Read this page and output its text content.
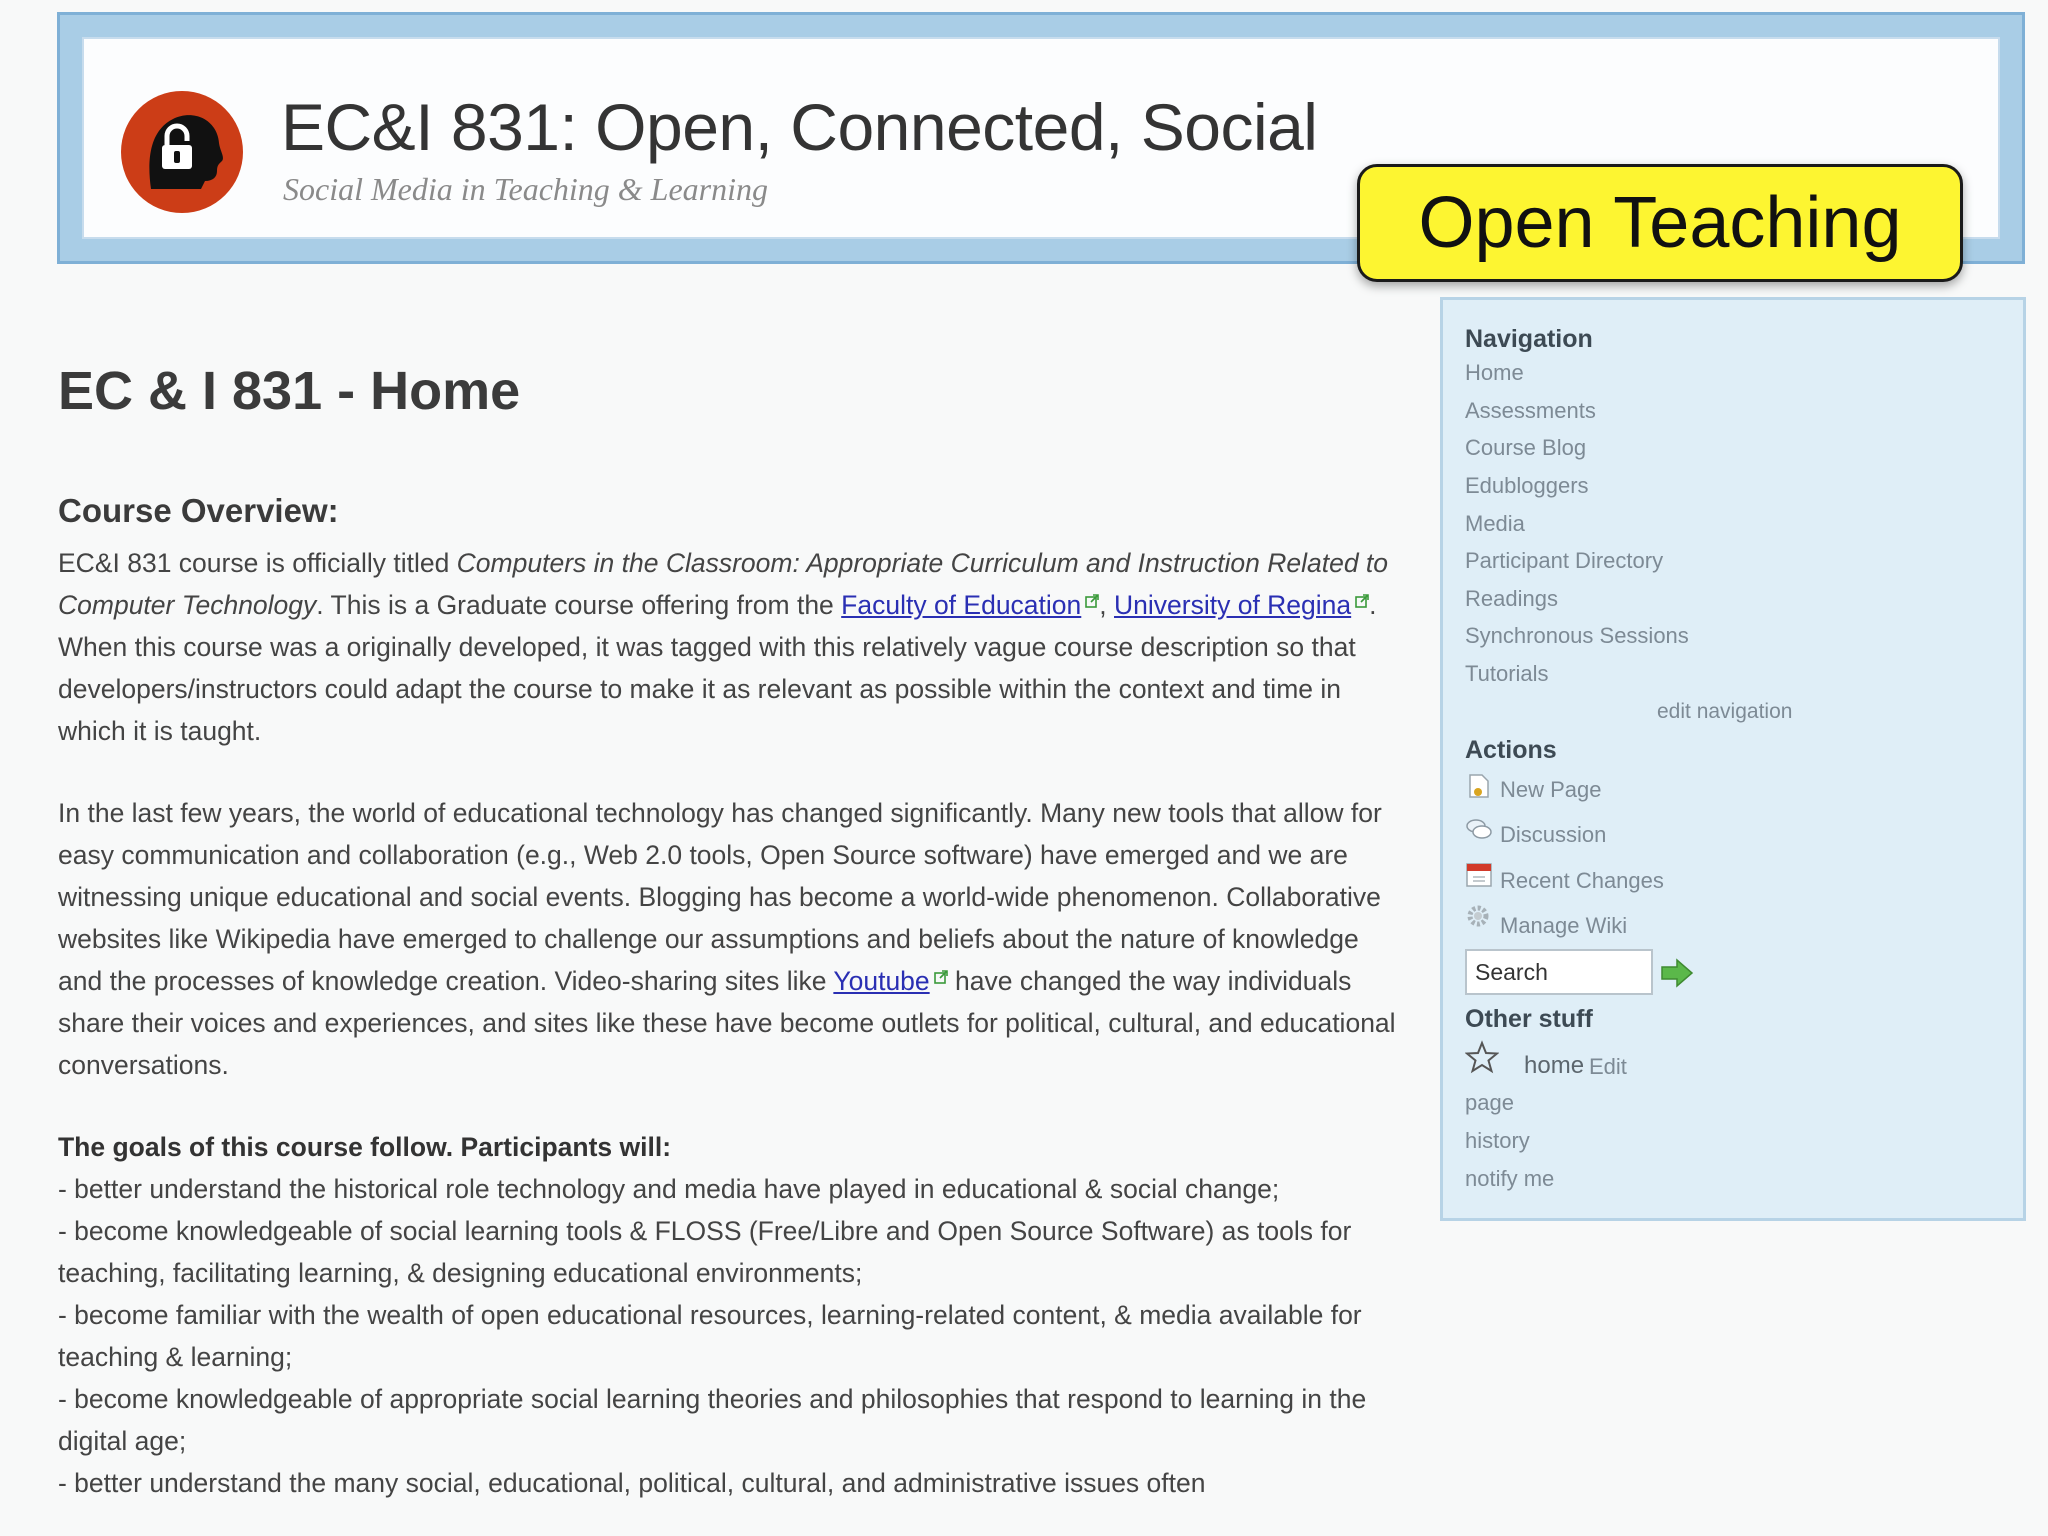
EC&I 831: Open, Connected, Social
Social Media in Teaching & Learning	Open Teaching
EC & I 831 - Home
Course Overview:

EC&I 831 course is officially titled Computers in the Classroom: Appropriate Curriculum and Instruction Related to Computer Technology. This is a Graduate course offering from the Faculty of Education , University of Regina . When this course was a originally developed, it was tagged with this relatively vague course description so that developers/instructors could adapt the course to make it as relevant as possible within the context and time in which it is taught.

In the last few years, the world of educational technology has changed significantly. Many new tools that allow for easy communication and collaboration (e.g., Web 2.0 tools, Open Source software) have emerged and we are witnessing unique educational and social events. Blogging has become a world-wide phenomenon. Collaborative websites like Wikipedia have emerged to challenge our assumptions and beliefs about the nature of knowledge and the processes of knowledge creation. Video-sharing sites like Youtube
have changed the way individuals share their voices and experiences, and sites like these have become outlets for political, cultural, and educational conversations.

The goals of this course follow. Participants will:
- better understand the historical role technology and media have played in educational & social change;
- become knowledgeable of social learning tools & FLOSS (Free/Libre and Open Source Software) as tools for teaching, facilitating learning, & designing educational environments;
- become familiar with the wealth of open educational resources, learning-related content, & media available for teaching & learning;
- become knowledgeable of appropriate social learning theories and philosophies that respond to learning in the digital age;
- better understand the many social, educational, political, cultural, and administrative issues often

Navigation
Home
Assessments
Course Blog
Edubloggers
Media
Participant Directory
Readings
Synchronous Sessions
Tutorials
edit navigation
Actions
New Page
Discussion
Recent Changes
Manage Wiki
Search
Other stuff
home Edit
page
history
notify me
